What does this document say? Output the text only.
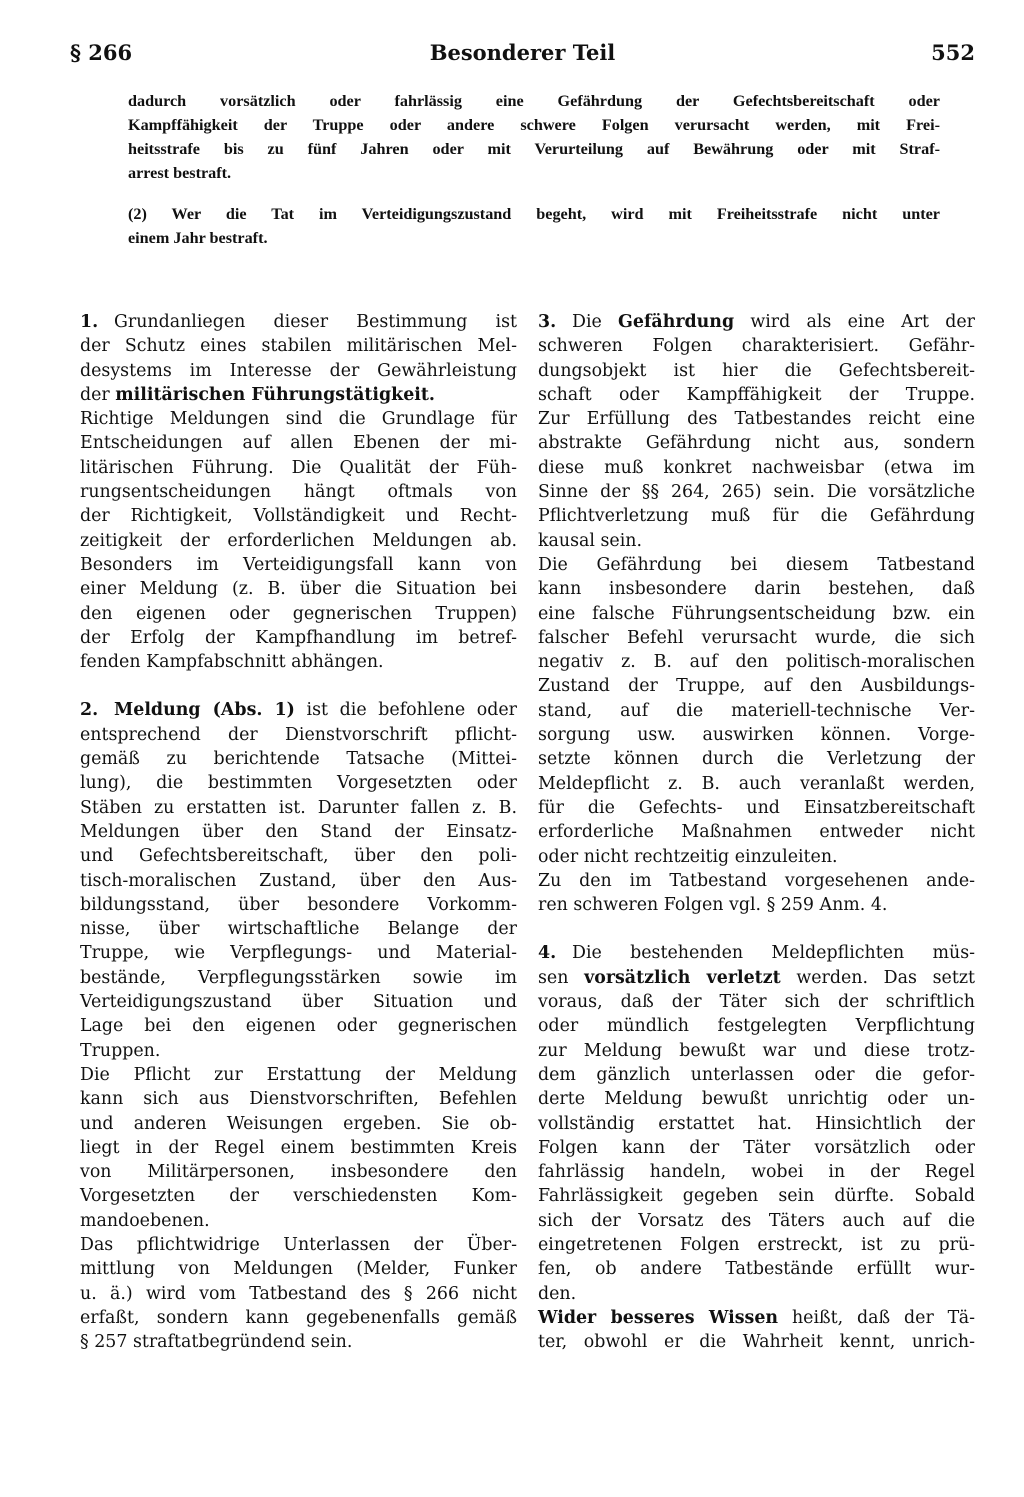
§ 266	Besonderer Teil	552

dadurch vorsätzlich oder fahrlässig eine Gefährdung der Gefechtsbereitschaft oder
Kampffähigkeit der Truppe oder andere schwere Folgen verursacht werden, mit Frei-
heitsstrafe bis zu fünf Jahren oder mit Verurteilung auf Bewährung oder mit Straf-
arrest bestraft.

(2) Wer die Tat im Verteidigungszustand begeht, wird mit Freiheitsstrafe nicht unter
einem Jahr bestraft.

1. Grundanliegen dieser Bestimmung ist
der Schutz eines stabilen militärischen Mel-
desystems im Interesse der Gewährleistung
der militärischen Führungstätigkeit.
Richtige Meldungen sind die Grundlage für
Entscheidungen auf allen Ebenen der mi-
litärischen Führung. Die Qualität der Füh-
rungsentscheidungen hängt oftmals von
der Richtigkeit, Vollständigkeit und Recht-
zeitigkeit der erforderlichen Meldungen ab.
Besonders im Verteidigungsfall kann von
einer Meldung (z. B. über die Situation bei
den eigenen oder gegnerischen Truppen)
der Erfolg der Kampfhandlung im betref-
fenden Kampfabschnitt abhängen.
2. Meldung (Abs. 1) ist die befohlene oder
entsprechend der Dienstvorschrift pflicht-
gemäß zu berichtende Tatsache (Mittei-
lung), die bestimmten Vorgesetzten oder
Stäben zu erstatten ist. Darunter fallen z. B.
Meldungen über den Stand der Einsatz-
und Gefechtsbereitschaft, über den poli-
tisch-moralischen Zustand, über den Aus-
bildungsstand, über besondere Vorkomm-
nisse, über wirtschaftliche Belange der
Truppe, wie Verpflegungs- und Material-
bestände, Verpflegungsstärken sowie im
Verteidigungszustand über Situation und
Lage bei den eigenen oder gegnerischen
Truppen.
Die Pflicht zur Erstattung der Meldung
kann sich aus Dienstvorschriften, Befehlen
und anderen Weisungen ergeben. Sie ob-
liegt in der Regel einem bestimmten Kreis
von Militärpersonen, insbesondere den
Vorgesetzten der verschiedensten Kom-
mandoebenen.
Das pflichtwidrige Unterlassen der Über-
mittlung von Meldungen (Melder, Funker
u. ä.) wird vom Tatbestand des § 266 nicht
erfaßt, sondern kann gegebenenfalls gemäß
§ 257 straftatbegründend sein.
3. Die Gefährdung wird als eine Art der
schweren Folgen charakterisiert. Gefähr-
dungsobjekt ist hier die Gefechtsbereit-
schaft oder Kampffähigkeit der Truppe.
Zur Erfüllung des Tatbestandes reicht eine
abstrakte Gefährdung nicht aus, sondern
diese muß konkret nachweisbar (etwa im
Sinne der §§ 264, 265) sein. Die vorsätzliche
Pflichtverletzung muß für die Gefährdung
kausal sein.
Die Gefährdung bei diesem Tatbestand
kann insbesondere darin bestehen, daß
eine falsche Führungsentscheidung bzw. ein
falscher Befehl verursacht wurde, die sich
negativ z. B. auf den politisch-moralischen
Zustand der Truppe, auf den Ausbildungs-
stand, auf die materiell-technische Ver-
sorgung usw. auswirken können. Vorge-
setzte können durch die Verletzung der
Meldepflicht z. B. auch veranlaßt werden,
für die Gefechts- und Einsatzbereitschaft
erforderliche Maßnahmen entweder nicht
oder nicht rechtzeitig einzuleiten.
Zu den im Tatbestand vorgesehenen ande-
ren schweren Folgen vgl. § 259 Anm. 4.
4. Die bestehenden Meldepflichten müs-
sen vorsätzlich verletzt werden. Das setzt
voraus, daß der Täter sich der schriftlich
oder mündlich festgelegten Verpflichtung
zur Meldung bewußt war und diese trotz-
dem gänzlich unterlassen oder die gefor-
derte Meldung bewußt unrichtig oder un-
vollständig erstattet hat. Hinsichtlich der
Folgen kann der Täter vorsätzlich oder
fahrlässig handeln, wobei in der Regel
Fahrlässigkeit gegeben sein dürfte. Sobald
sich der Vorsatz des Täters auch auf die
eingetretenen Folgen erstreckt, ist zu prü-
fen, ob andere Tatbestände erfüllt wur-
den.
Wider besseres Wissen heißt, daß der Tä-
ter, obwohl er die Wahrheit kennt, unrich-
